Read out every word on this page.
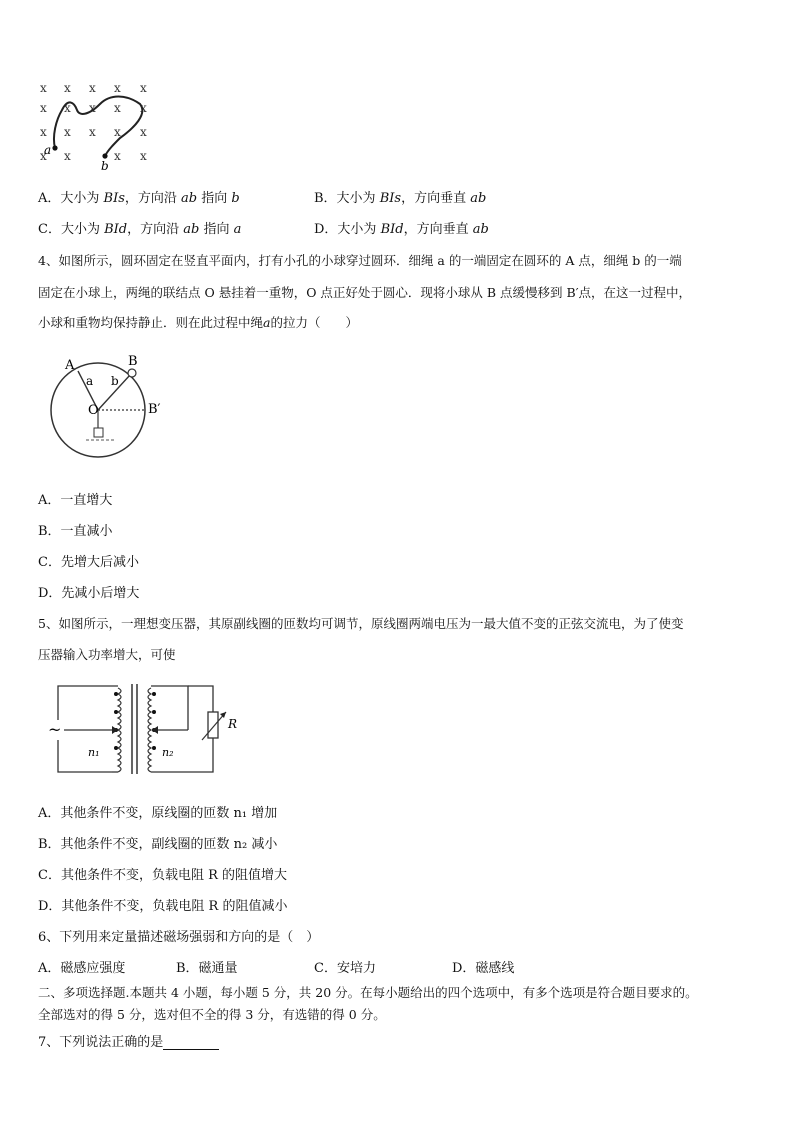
x x x x x
x x x x x
x x x x x
x x	x x
a
b
A．大小为 BIs，方向沿 ab 指向 b	B．大小为 BIs，方向垂直 ab
C．大小为 BId，方向沿 ab 指向 a	D．大小为 BId，方向垂直 ab
4、如图所示，圆环固定在竖直平面内，打有小孔的小球穿过圆环．细绳 a 的一端固定在圆环的 A 点，细绳 b 的一端
固定在小球上，两绳的联结点 O 悬挂着一重物，O 点正好处于圆心．现将小球从 B 点缓慢移到 B′点，在这一过程中，
小球和重物均保持静止．则在此过程中绳a的拉力（　　）
A	B
a b
O	B′
A．一直增大
B．一直减小
C．先增大后减小
D．先减小后增大
5、如图所示，一理想变压器，其原副线圈的匝数均可调节，原线圈两端电压为一最大值不变的正弦交流电，为了使变
压器输入功率增大，可使
~
n₁	n₂
R
A．其他条件不变，原线圈的匝数 n₁ 增加
B．其他条件不变，副线圈的匝数 n₂ 减小
C．其他条件不变，负载电阻 R 的阻值增大
D．其他条件不变，负载电阻 R 的阻值减小
6、下列用来定量描述磁场强弱和方向的是（　）
A．磁感应强度	B．磁通量	C．安培力	D．磁感线
二、多项选择题.本题共 4 小题，每小题 5 分，共 20 分。在每小题给出的四个选项中，有多个选项是符合题目要求的。
全部选对的得 5 分，选对但不全的得 3 分，有选错的得 0 分。
7、下列说法正确的是
